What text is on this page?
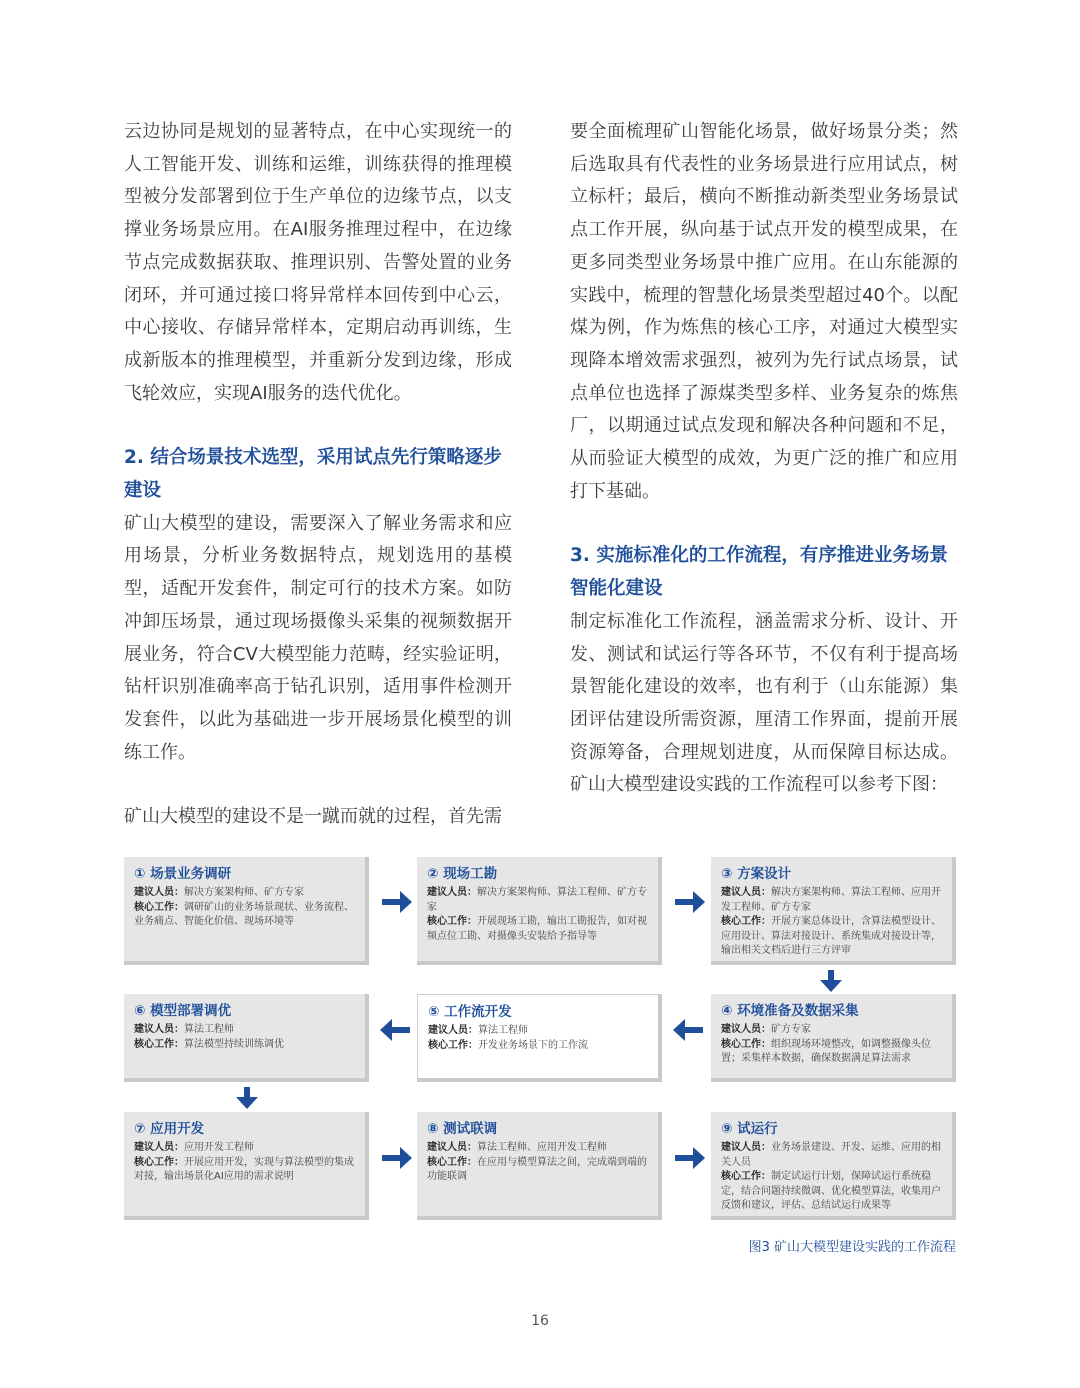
云边协同是规划的显著特点，在中心实现统一的人工智能开发、训练和运维，训练获得的推理模型被分发部署到位于生产单位的边缘节点，以支撑业务场景应用。在AI服务推理过程中，在边缘节点完成数据获取、推理识别、告警处置的业务闭环，并可通过接口将异常样本回传到中心云，中心接收、存储异常样本，定期启动再训练，生成新版本的推理模型，并重新分发到边缘，形成飞轮效应，实现AI服务的迭代优化。

2. 结合场景技术选型，采用试点先行策略逐步建设

矿山大模型的建设，需要深入了解业务需求和应用场景，分析业务数据特点，规划选用的基模型，适配开发套件，制定可行的技术方案。如防冲卸压场景，通过现场摄像头采集的视频数据开展业务，符合CV大模型能力范畴，经实验证明，钻杆识别准确率高于钻孔识别，适用事件检测开发套件，以此为基础进一步开展场景化模型的训练工作。

矿山大模型的建设不是一蹴而就的过程，首先需

要全面梳理矿山智能化场景，做好场景分类；然后选取具有代表性的业务场景进行应用试点，树立标杆；最后，横向不断推动新类型业务场景试点工作开展，纵向基于试点开发的模型成果，在更多同类型业务场景中推广应用。在山东能源的实践中，梳理的智慧化场景类型超过40个。以配煤为例，作为炼焦的核心工序，对通过大模型实现降本增效需求强烈，被列为先行试点场景，试点单位也选择了源煤类型多样、业务复杂的炼焦厂，以期通过试点发现和解决各种问题和不足，从而验证大模型的成效，为更广泛的推广和应用打下基础。

3. 实施标准化的工作流程，有序推进业务场景智能化建设

制定标准化工作流程，涵盖需求分析、设计、开发、测试和试运行等各环节，不仅有利于提高场景智能化建设的效率，也有利于（山东能源）集团评估建设所需资源，厘清工作界面，提前开展资源筹备，合理规划进度，从而保障目标达成。矿山大模型建设实践的工作流程可以参考下图：

① 场景业务调研
建议人员：解决方案架构师、矿方专家
核心工作：调研矿山的业务场景现状、业务流程、业务痛点、智能化价值、现场环境等
② 现场工勘
建议人员：解决方案架构师、算法工程师、矿方专家
核心工作：开展现场工勘，输出工勘报告，如对视频点位工勘、对摄像头安装给予指导等
③ 方案设计
建议人员：解决方案架构师、算法工程师、应用开发工程师、矿方专家
核心工作：开展方案总体设计，含算法模型设计、应用设计、算法对接设计、系统集成对接设计等，输出相关文档后进行三方评审
⑥ 模型部署调优
建议人员：算法工程师
核心工作：算法模型持续训练调优
⑤ 工作流开发
建议人员：算法工程师
核心工作：开发业务场景下的工作流
④ 环境准备及数据采集
建议人员：矿方专家
核心工作：组织现场环境整改，如调整摄像头位置；采集样本数据，确保数据满足算法需求
⑦ 应用开发
建议人员：应用开发工程师
核心工作：开展应用开发，实现与算法模型的集成对接，输出场景化AI应用的需求说明
⑧ 测试联调
建议人员：算法工程师、应用开发工程师
核心工作：在应用与模型算法之间，完成端到端的功能联调
⑨ 试运行
建议人员：业务场景建设、开发、运维、应用的相关人员
核心工作：制定试运行计划，保障试运行系统稳定，结合问题持续微调、优化模型算法，收集用户反馈和建议，评估、总结试运行成果等
图3 矿山大模型建设实践的工作流程
16
